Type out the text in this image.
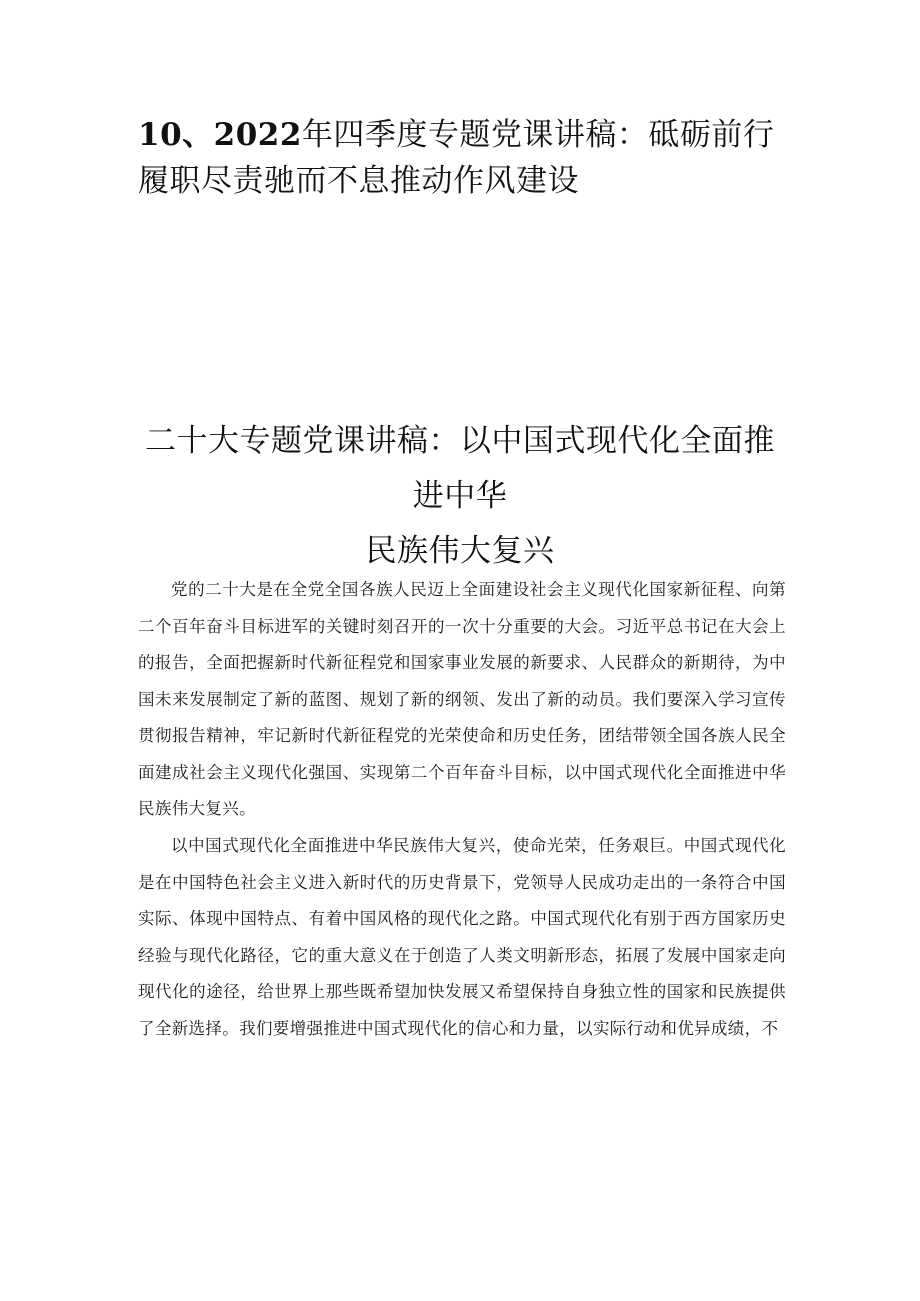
10、2022年四季度专题党课讲稿：砥砺前行履职尽责驰而不息推动作风建设
二十大专题党课讲稿：以中国式现代化全面推进中华
民族伟大复兴

党的二十大是在全党全国各族人民迈上全面建设社会主义现代化国家新征程、向第二个百年奋斗目标进军的关键时刻召开的一次十分重要的大会。习近平总书记在大会上的报告，全面把握新时代新征程党和国家事业发展的新要求、人民群众的新期待，为中国未来发展制定了新的蓝图、规划了新的纲领、发出了新的动员。我们要深入学习宣传贯彻报告精神，牢记新时代新征程党的光荣使命和历史任务，团结带领全国各族人民全面建成社会主义现代化强国、实现第二个百年奋斗目标，以中国式现代化全面推进中华民族伟大复兴。

以中国式现代化全面推进中华民族伟大复兴，使命光荣，任务艰巨。中国式现代化是在中国特色社会主义进入新时代的历史背景下，党领导人民成功走出的一条符合中国实际、体现中国特点、有着中国风格的现代化之路。中国式现代化有别于西方国家历史经验与现代化路径，它的重大意义在于创造了人类文明新形态，拓展了发展中国家走向现代化的途径，给世界上那些既希望加快发展又希望保持自身独立性的国家和民族提供了全新选择。我们要增强推进中国式现代化的信心和力量，以实际行动和优异成绩，不
